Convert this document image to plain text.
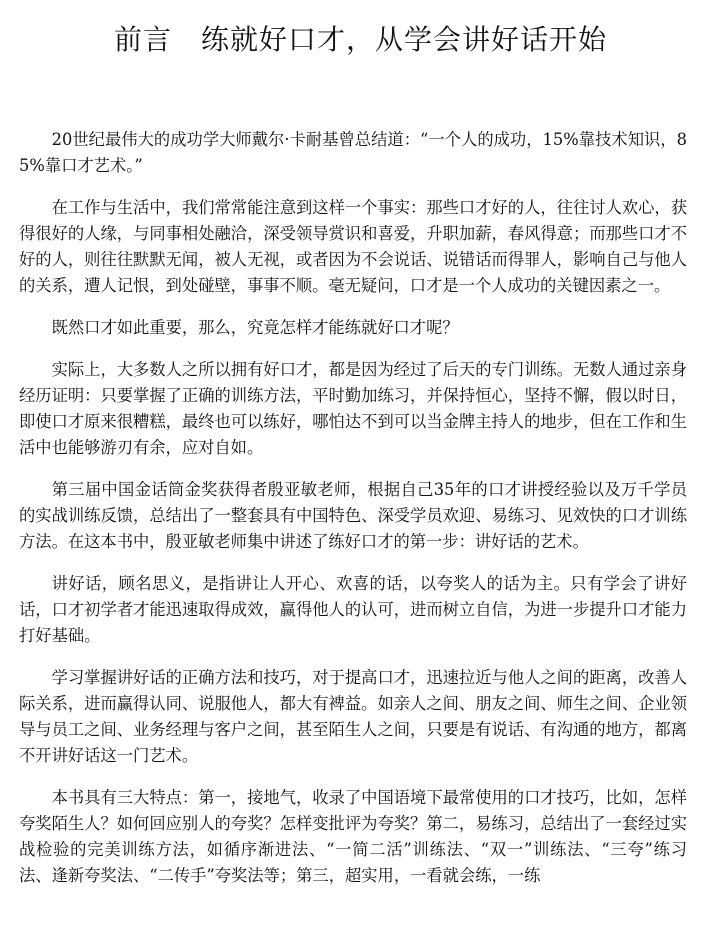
前言　练就好口才，从学会讲好话开始

20世纪最伟大的成功学大师戴尔·卡耐基曾总结道：“一个人的成功，15%靠技术知识，85%靠口才艺术。”

在工作与生活中，我们常常能注意到这样一个事实：那些口才好的人，往往讨人欢心，获得很好的人缘，与同事相处融洽，深受领导赏识和喜爱，升职加薪，春风得意；而那些口才不好的人，则往往默默无闻，被人无视，或者因为不会说话、说错话而得罪人，影响自己与他人的关系，遭人记恨，到处碰壁，事事不顺。毫无疑问，口才是一个人成功的关键因素之一。

既然口才如此重要，那么，究竟怎样才能练就好口才呢？

实际上，大多数人之所以拥有好口才，都是因为经过了后天的专门训练。无数人通过亲身经历证明：只要掌握了正确的训练方法，平时勤加练习，并保持恒心，坚持不懈，假以时日，即使口才原来很糟糕，最终也可以练好，哪怕达不到可以当金牌主持人的地步，但在工作和生活中也能够游刃有余，应对自如。

第三届中国金话筒金奖获得者殷亚敏老师，根据自己35年的口才讲授经验以及万千学员的实战训练反馈，总结出了一整套具有中国特色、深受学员欢迎、易练习、见效快的口才训练方法。在这本书中，殷亚敏老师集中讲述了练好口才的第一步：讲好话的艺术。

讲好话，顾名思义，是指讲让人开心、欢喜的话，以夸奖人的话为主。只有学会了讲好话，口才初学者才能迅速取得成效，赢得他人的认可，进而树立自信，为进一步提升口才能力打好基础。

学习掌握讲好话的正确方法和技巧，对于提高口才，迅速拉近与他人之间的距离，改善人际关系，进而赢得认同、说服他人，都大有裨益。如亲人之间、朋友之间、师生之间、企业领导与员工之间、业务经理与客户之间，甚至陌生人之间，只要是有说话、有沟通的地方，都离不开讲好话这一门艺术。

本书具有三大特点：第一，接地气，收录了中国语境下最常使用的口才技巧，比如，怎样夸奖陌生人？如何回应别人的夸奖？怎样变批评为夸奖？第二，易练习，总结出了一套经过实战检验的完美训练方法，如循序渐进法、“一简二活”训练法、“双一”训练法、“三夸”练习法、逢新夸奖法、“二传手”夸奖法等；第三，超实用，一看就会练，一练
